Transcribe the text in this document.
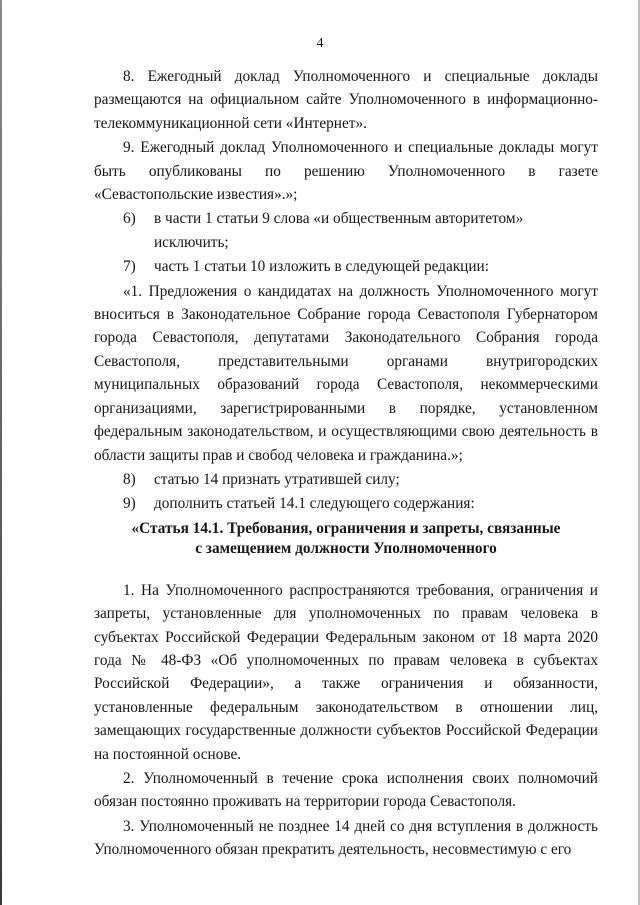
4

8. Ежегодный доклад Уполномоченного и специальные доклады размещаются на официальном сайте Уполномоченного в информационно-телекоммуникационной сети «Интернет».

9. Ежегодный доклад Уполномоченного и специальные доклады могут быть опубликованы по решению Уполномоченного в газете «Севастопольские известия».»;

6)	в части 1 статьи 9 слова «и общественным авторитетом» исключить;
7)	часть 1 статьи 10 изложить в следующей редакции:

«1. Предложения о кандидатах на должность Уполномоченного могут вноситься в Законодательное Собрание города Севастополя Губернатором города Севастополя, депутатами Законодательного Собрания города Севастополя, представительными органами внутригородских муниципальных образований города Севастополя, некоммерческими организациями, зарегистрированными в порядке, установленном федеральным законодательством, и осуществляющими свою деятельность в области защиты прав и свобод человека и гражданина.»;

8)	статью 14 признать утратившей силу;
9)	дополнить статьей 14.1 следующего содержания:
«Статья 14.1. Требования, ограничения и запреты, связанные
с замещением должности Уполномоченного

1. На Уполномоченного распространяются требования, ограничения и запреты, установленные для уполномоченных по правам человека в субъектах Российской Федерации Федеральным законом от 18 марта 2020 года № 48-ФЗ «Об уполномоченных по правам человека в субъектах Российской Федерации», а также ограничения и обязанности, установленные федеральным законодательством в отношении лиц, замещающих государственные должности субъектов Российской Федерации на постоянной основе.

2. Уполномоченный в течение срока исполнения своих полномочий обязан постоянно проживать на территории города Севастополя.

3. Уполномоченный не позднее 14 дней со дня вступления в должность Уполномоченного обязан прекратить деятельность, несовместимую с его
